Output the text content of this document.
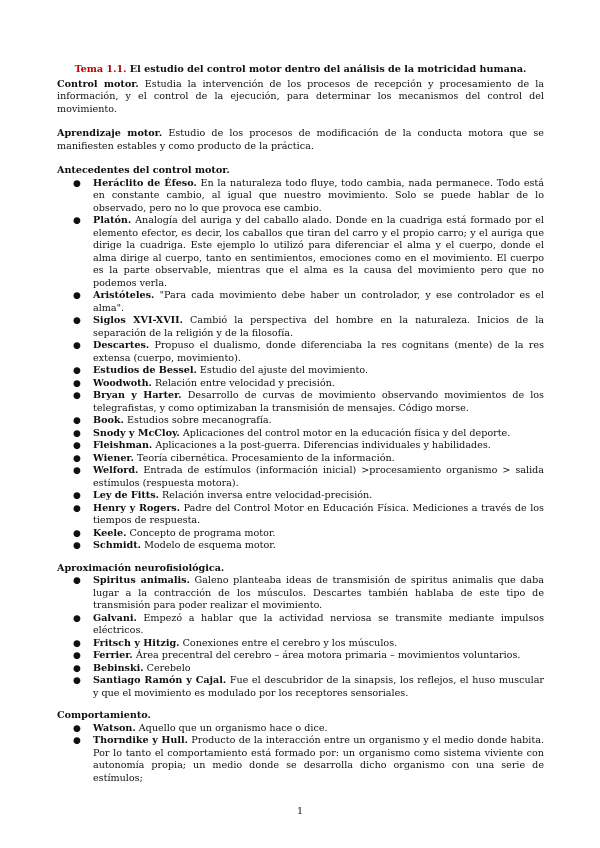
Tema 1.1. El estudio del control motor dentro del análisis de la motricidad humana.

Control motor. Estudia la intervención de los procesos de recepción y procesamiento de la información, y el control de la ejecución, para determinar los mecanismos del control del movimiento.

Aprendizaje motor. Estudio de los procesos de modificación de la conducta motora que se manifiesten estables y como producto de la práctica.

Antecedentes del control motor.
● Heráclito de Éfeso. En la naturaleza todo fluye, todo cambia, nada permanece. Todo está en constante cambio, al igual que nuestro movimiento. Solo se puede hablar de lo observado, pero no lo que provoca ese cambio.
● Platón. Analogía del auriga y del caballo alado. Donde en la cuadriga está formado por el elemento efector, es decir, los caballos que tiran del carro y el propio carro; y el auriga que dirige la cuadriga. Este ejemplo lo utilizó para diferenciar el alma y el cuerpo, donde el alma dirige al cuerpo, tanto en sentimientos, emociones como en el movimiento. El cuerpo es la parte observable, mientras que el alma es la causa del movimiento pero que no podemos verla.
● Aristóteles. "Para cada movimiento debe haber un controlador, y ese controlador es el alma".
● Siglos XVI-XVII. Cambió la perspectiva del hombre en la naturaleza. Inicios de la separación de la religión y de la filosofía.
● Descartes. Propuso el dualismo, donde diferenciaba la res cognitans (mente) de la res extensa (cuerpo, movimiento).
● Estudios de Bessel. Estudio del ajuste del movimiento.
● Woodwoth. Relación entre velocidad y precisión.
● Bryan y Harter. Desarrollo de curvas de movimiento observando movimientos de los telegrafistas, y como optimizaban la transmisión de mensajes. Código morse.
● Book. Estudios sobre mecanografía.
● Snody y McCloy. Aplicaciones del control motor en la educación física y del deporte.
● Fleishman. Aplicaciones a la post-guerra. Diferencias individuales y habilidades.
● Wiener. Teoría cibernética. Procesamiento de la información.
● Welford. Entrada de estímulos (información inicial) >procesamiento organismo > salida estímulos (respuesta motora).
● Ley de Fitts. Relación inversa entre velocidad-precisión.
● Henry y Rogers. Padre del Control Motor en Educación Física. Mediciones a través de los tiempos de respuesta.
● Keele. Concepto de programa motor.
● Schmidt. Modelo de esquema motor.
Aproximación neurofisiológica.
● Spiritus animalis. Galeno planteaba ideas de transmisión de spiritus animalis que daba lugar a la contracción de los músculos. Descartes también hablaba de este tipo de transmisión para poder realizar el movimiento.
● Galvani. Empezó a hablar que la actividad nerviosa se transmite mediante impulsos eléctricos.
● Fritsch y Hitzig. Conexiones entre el cerebro y los músculos.
● Ferrier. Área precentral del cerebro – área motora primaria – movimientos voluntarios.
● Bebinski. Cerebelo
● Santiago Ramón y Cajal. Fue el descubridor de la sinapsis, los reflejos, el huso muscular y que el movimiento es modulado por los receptores sensoriales.
Comportamiento.
● Watson. Aquello que un organismo hace o dice.
● Thorndike y Hull. Producto de la interacción entre un organismo y el medio donde habita. Por lo tanto el comportamiento está formado por: un organismo como sistema viviente con autonomía propia; un medio donde se desarrolla dicho organismo con una serie de estímulos;
1
